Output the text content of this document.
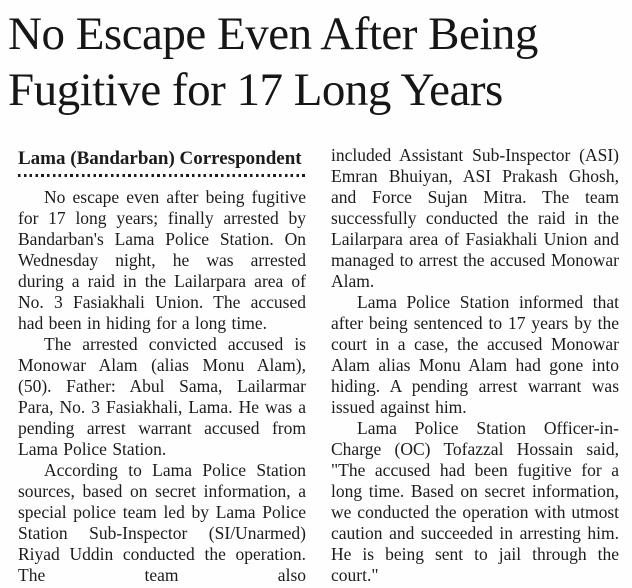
No Escape Even After Being Fugitive for 17 Long Years
Lama (Bandarban) Correspondent

No escape even after being fugitive for 17 long years; finally arrested by Bandarban's Lama Police Station. On Wednesday night, he was arrested during a raid in the Lailarpara area of No. 3 Fasiakhali Union. The accused had been in hiding for a long time.

The arrested convicted accused is Monowar Alam (alias Monu Alam), (50). Father: Abul Sama, Lailarmar Para, No. 3 Fasiakhali, Lama. He was a pending arrest warrant accused from Lama Police Station.

According to Lama Police Station sources, based on secret information, a special police team led by Lama Police Station Sub-Inspector (SI/Unarmed) Riyad Uddin conducted the operation. The team also

included Assistant Sub-Inspector (ASI) Emran Bhuiyan, ASI Prakash Ghosh, and Force Sujan Mitra. The team successfully conducted the raid in the Lailarpara area of Fasiakhali Union and managed to arrest the accused Monowar Alam.

Lama Police Station informed that after being sentenced to 17 years by the court in a case, the accused Monowar Alam alias Monu Alam had gone into hiding. A pending arrest warrant was issued against him.

Lama Police Station Officer-in-Charge (OC) Tofazzal Hossain said, "The accused had been fugitive for a long time. Based on secret information, we conducted the operation with utmost caution and succeeded in arresting him. He is being sent to jail through the court."
